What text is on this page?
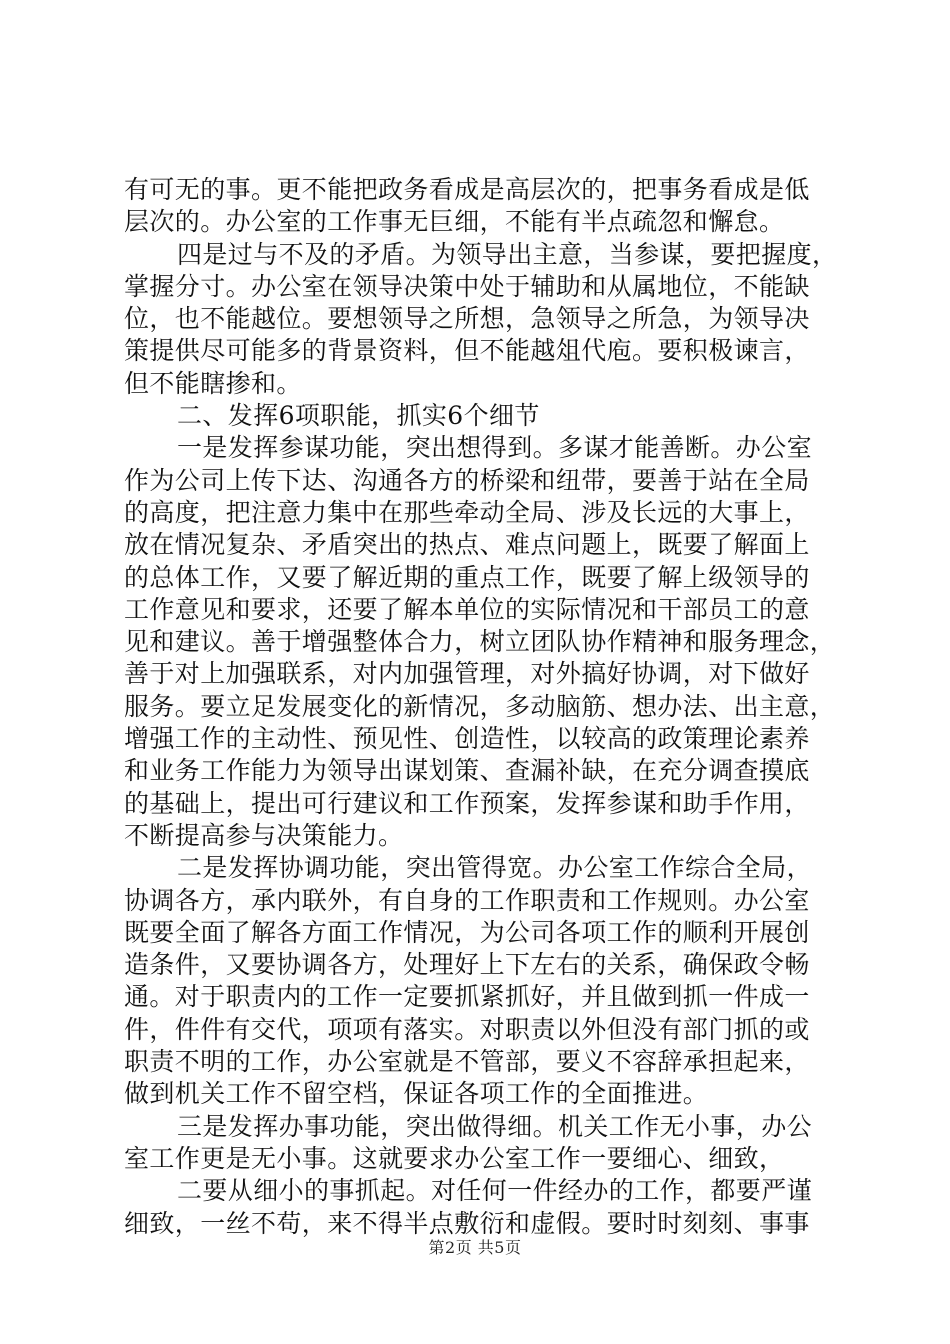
有可无的事。更不能把政务看成是高层次的，把事务看成是低
层次的。办公室的工作事无巨细，不能有半点疏忽和懈怠。
四是过与不及的矛盾。为领导出主意，当参谋，要把握度，
掌握分寸。办公室在领导决策中处于辅助和从属地位，不能缺
位，也不能越位。要想领导之所想，急领导之所急，为领导决
策提供尽可能多的背景资料，但不能越俎代庖。要积极谏言，
但不能瞎掺和。
二、发挥6项职能，抓实6个细节
一是发挥参谋功能，突出想得到。多谋才能善断。办公室
作为公司上传下达、沟通各方的桥梁和纽带，要善于站在全局
的高度，把注意力集中在那些牵动全局、涉及长远的大事上，
放在情况复杂、矛盾突出的热点、难点问题上，既要了解面上
的总体工作，又要了解近期的重点工作，既要了解上级领导的
工作意见和要求，还要了解本单位的实际情况和干部员工的意
见和建议。善于增强整体合力，树立团队协作精神和服务理念，
善于对上加强联系，对内加强管理，对外搞好协调，对下做好
服务。要立足发展变化的新情况，多动脑筋、想办法、出主意，
增强工作的主动性、预见性、创造性，以较高的政策理论素养
和业务工作能力为领导出谋划策、查漏补缺，在充分调查摸底
的基础上，提出可行建议和工作预案，发挥参谋和助手作用，
不断提高参与决策能力。
二是发挥协调功能，突出管得宽。办公室工作综合全局，
协调各方，承内联外，有自身的工作职责和工作规则。办公室
既要全面了解各方面工作情况，为公司各项工作的顺利开展创
造条件，又要协调各方，处理好上下左右的关系，确保政令畅
通。对于职责内的工作一定要抓紧抓好，并且做到抓一件成一
件，件件有交代，项项有落实。对职责以外但没有部门抓的或
职责不明的工作，办公室就是不管部，要义不容辞承担起来，
做到机关工作不留空档，保证各项工作的全面推进。
三是发挥办事功能，突出做得细。机关工作无小事，办公
室工作更是无小事。这就要求办公室工作一要细心、细致，
二要从细小的事抓起。对任何一件经办的工作，都要严谨
细致，一丝不苟，来不得半点敷衍和虚假。要时时刻刻、事事
第2页 共5页
